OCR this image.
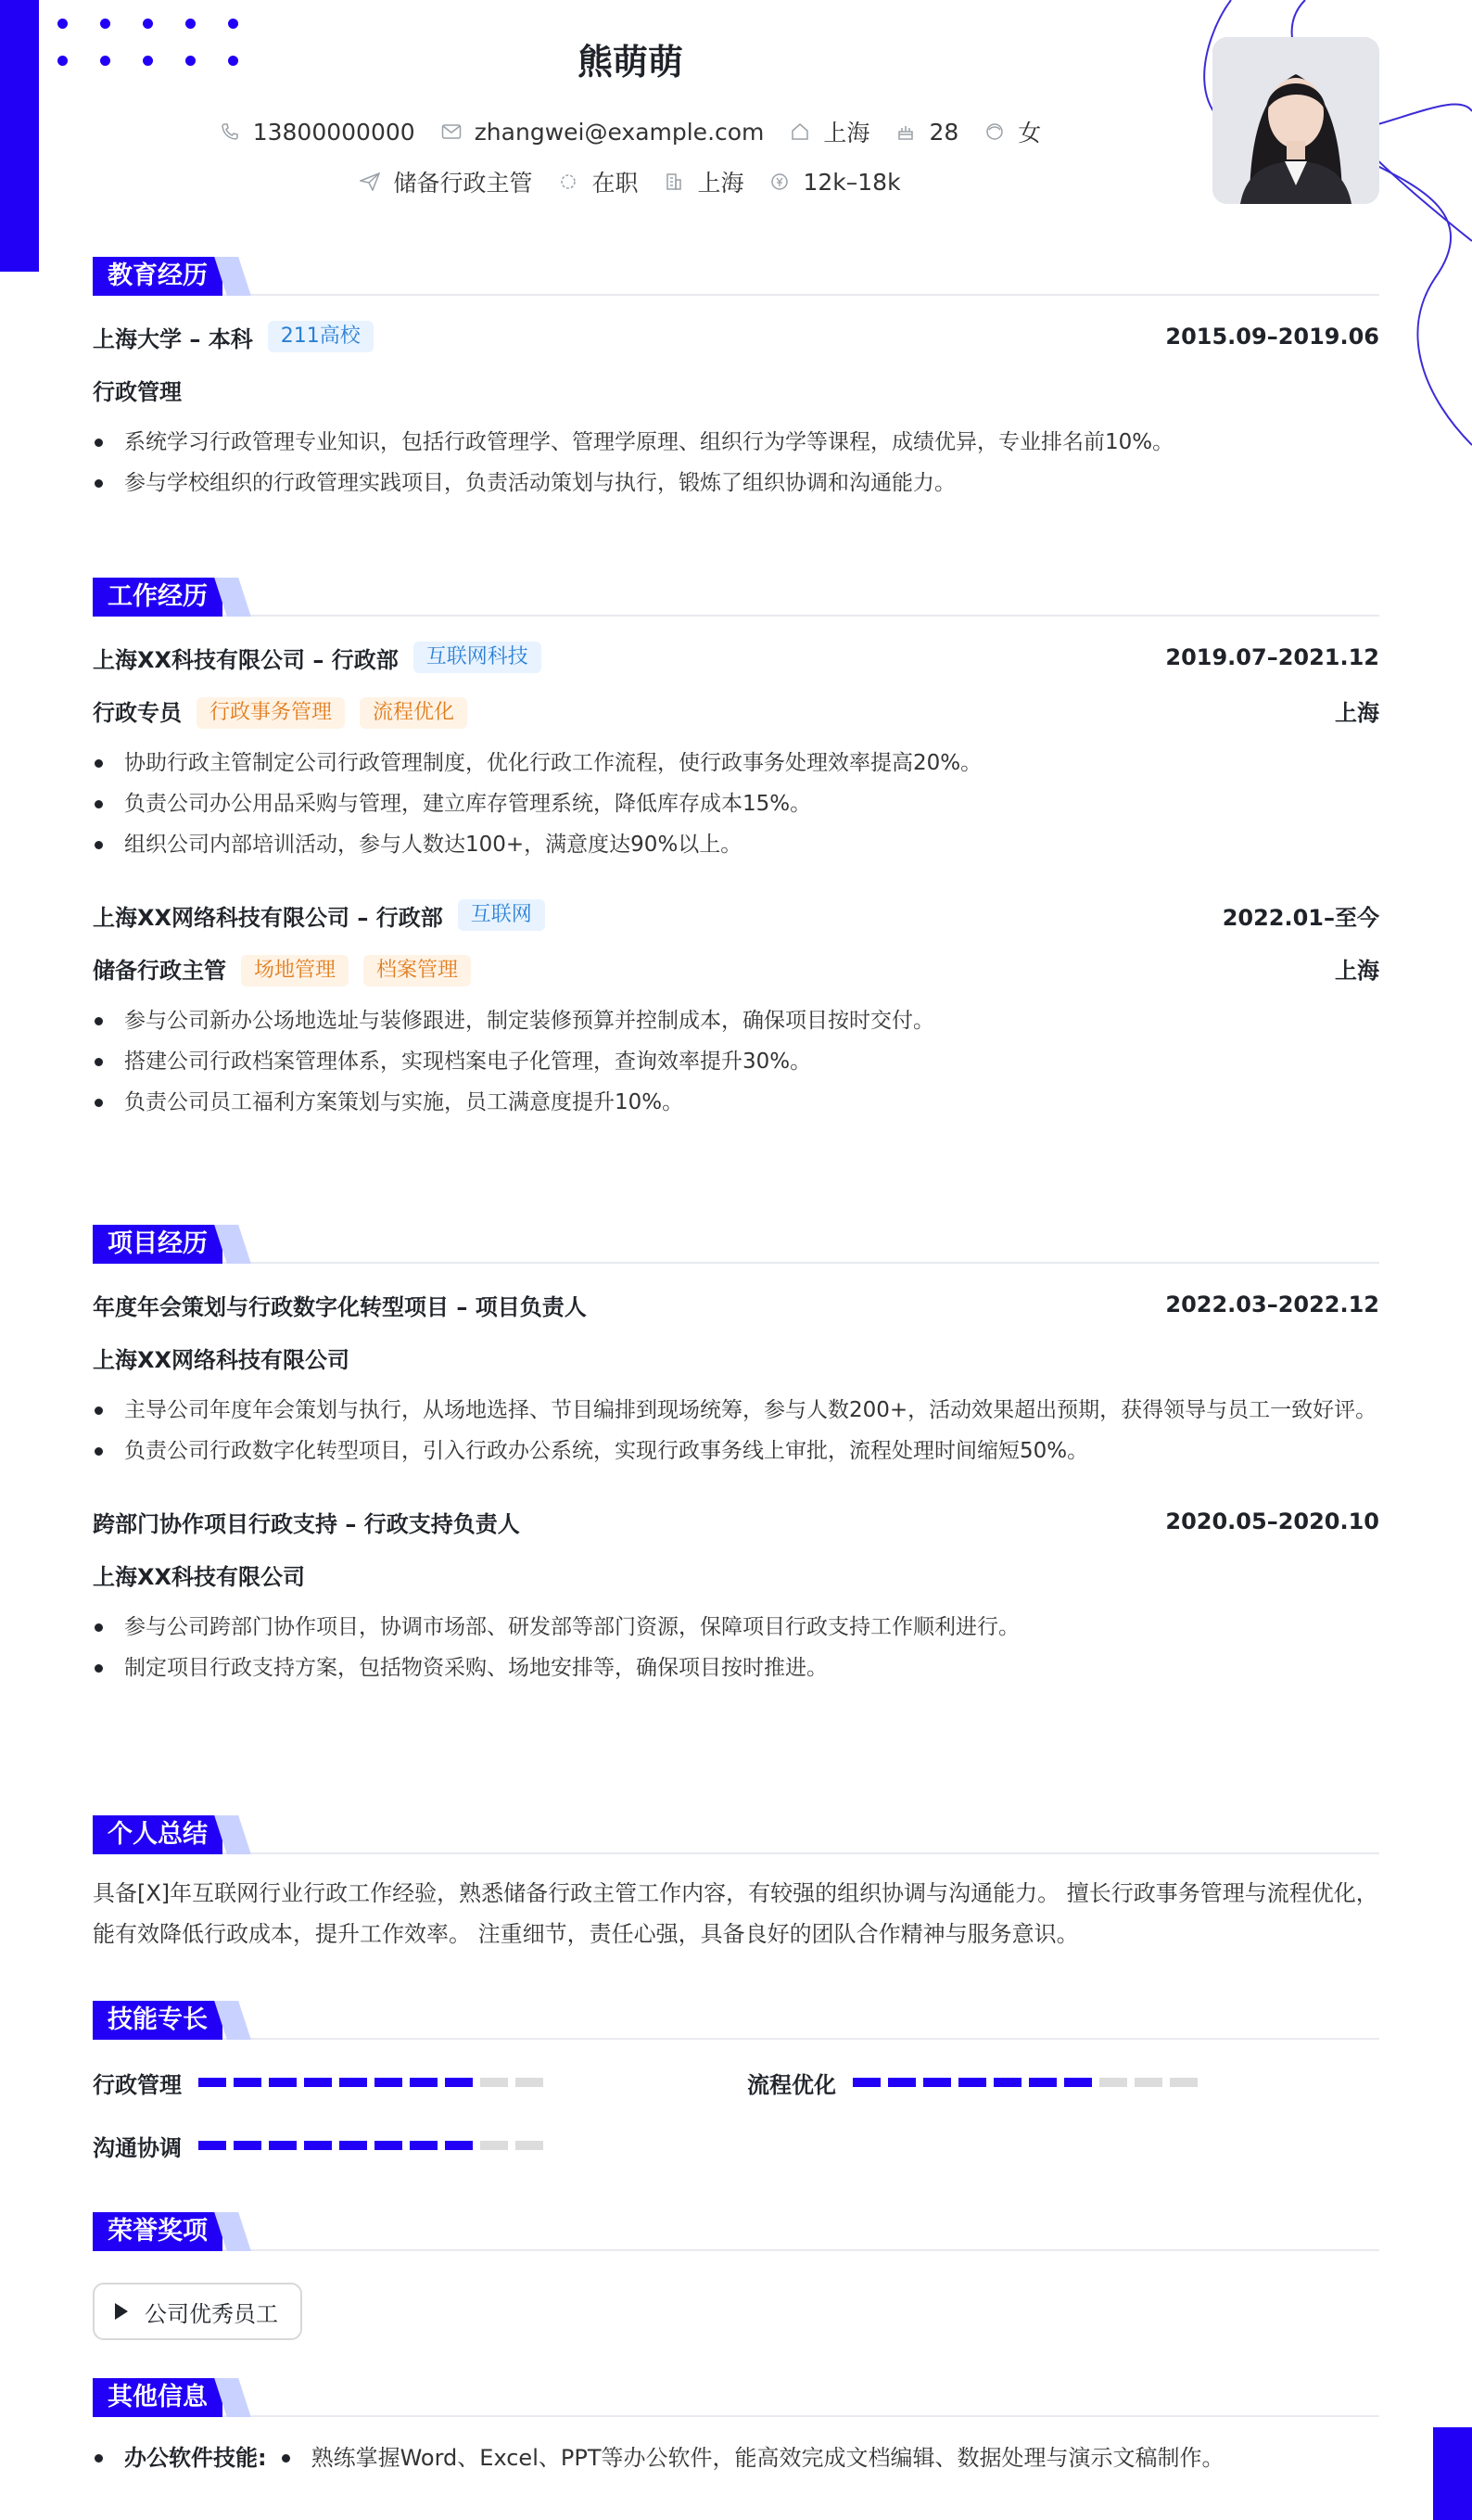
熊萌萌
13800000000	zhangwei@example.com	上海	28	女
储备行政主管	在职	上海	12k–18k
教育经历
上海大学 – 本科	211高校	2015.09–2019.06
行政管理
系统学习行政管理专业知识，包括行政管理学、管理学原理、组织行为学等课程，成绩优异，专业排名前10%。
参与学校组织的行政管理实践项目，负责活动策划与执行，锻炼了组织协调和沟通能力。
工作经历
上海XX科技有限公司 – 行政部	互联网科技	2019.07–2021.12
行政专员	行政事务管理	流程优化	上海
协助行政主管制定公司行政管理制度，优化行政工作流程，使行政事务处理效率提高20%。
负责公司办公用品采购与管理，建立库存管理系统，降低库存成本15%。
组织公司内部培训活动，参与人数达100+，满意度达90%以上。
上海XX网络科技有限公司 – 行政部	互联网	2022.01–至今
储备行政主管	场地管理	档案管理	上海
参与公司新办公场地选址与装修跟进，制定装修预算并控制成本，确保项目按时交付。
搭建公司行政档案管理体系，实现档案电子化管理，查询效率提升30%。
负责公司员工福利方案策划与实施，员工满意度提升10%。
项目经历
年度年会策划与行政数字化转型项目 – 项目负责人	2022.03–2022.12
上海XX网络科技有限公司
主导公司年度年会策划与执行，从场地选择、节目编排到现场统筹，参与人数200+，活动效果超出预期，获得领导与员工一致好评。
负责公司行政数字化转型项目，引入行政办公系统，实现行政事务线上审批，流程处理时间缩短50%。
跨部门协作项目行政支持 – 行政支持负责人	2020.05–2020.10
上海XX科技有限公司
参与公司跨部门协作项目，协调市场部、研发部等部门资源，保障项目行政支持工作顺利进行。
制定项目行政支持方案，包括物资采购、场地安排等，确保项目按时推进。
个人总结
具备[X]年互联网行业行政工作经验，熟悉储备行政主管工作内容，有较强的组织协调与沟通能力。 擅长行政事务管理与流程优化，能有效降低行政成本，提升工作效率。 注重细节，责任心强，具备良好的团队合作精神与服务意识。
技能专长
行政管理	流程优化
沟通协调
荣誉奖项
公司优秀员工
其他信息
办公软件技能:	熟练掌握Word、Excel、PPT等办公软件，能高效完成文档编辑、数据处理与演示文稿制作。
